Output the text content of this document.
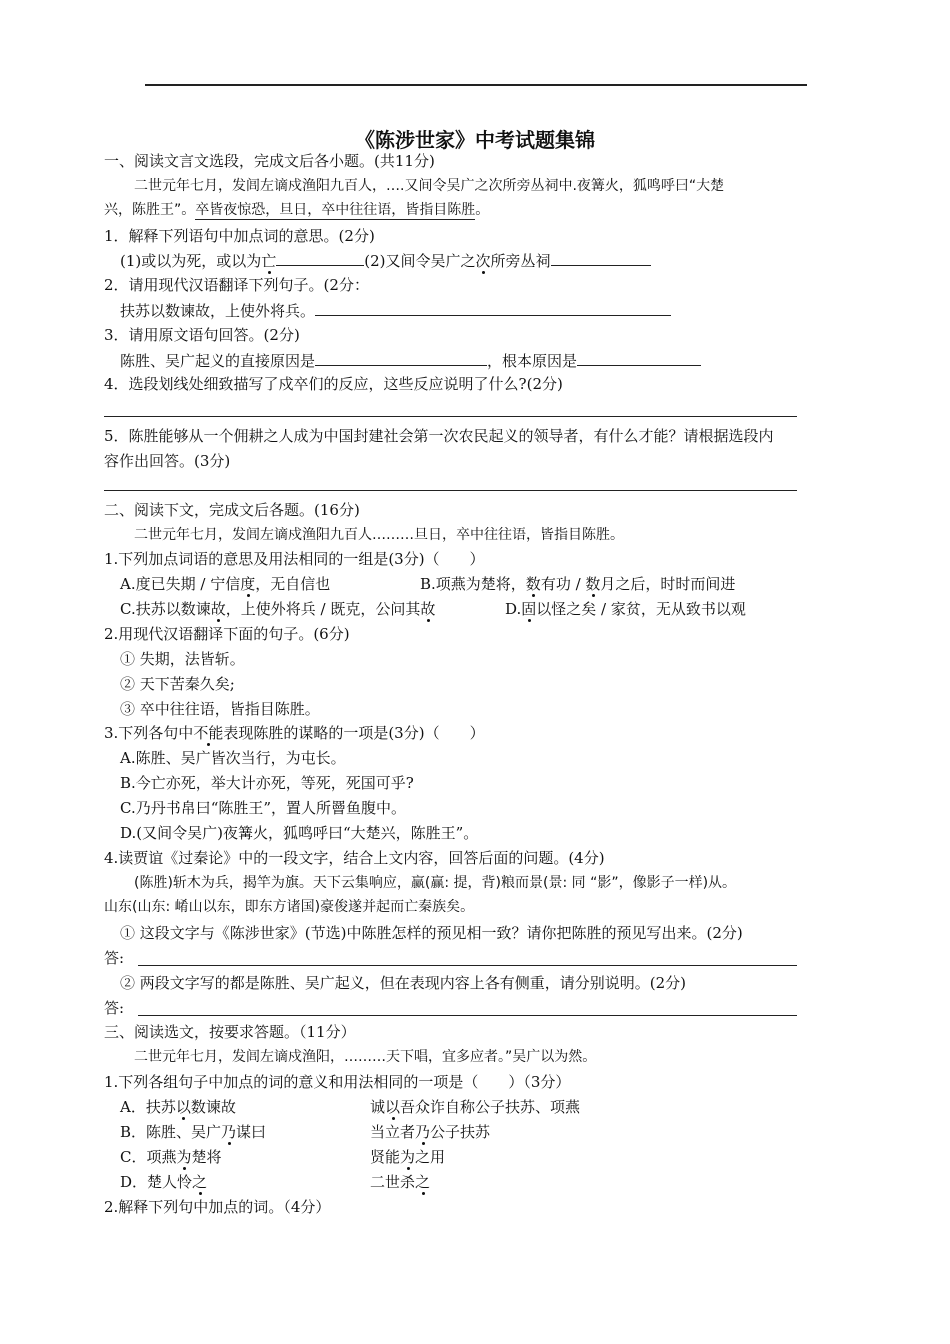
《陈涉世家》中考试题集锦
一、阅读文言文选段，完成文后各小题。(共11分)
二世元年七月，发闾左谪戍渔阳九百人，….又间令吴广之次所旁丛祠中.夜篝火，狐鸣呼曰“大楚
兴，陈胜王”。卒皆夜惊恐，旦日，卒中往往语，皆指目陈胜。
1．解释下列语句中加点词的意思。(2分)
(1)或以为死，或以为亡	(2)又间令吴广之次所旁丛祠
2．请用现代汉语翻译下列句子。(2分：
扶苏以数谏故，上使外将兵。
3．请用原文语句回答。(2分)
陈胜、吴广起义的直接原因是	，根本原因是
4．选段划线处细致描写了戍卒们的反应，这些反应说明了什么?(2分)
5．陈胜能够从一个佣耕之人成为中国封建社会第一次农民起义的领导者，有什么才能？请根据选段内
容作出回答。(3分)
二、阅读下文，完成文后各题。(16分)
二世元年七月，发闾左谪戍渔阳九百人………旦日，卒中往往语，皆指目陈胜。
1.下列加点词语的意思及用法相同的一组是(3分)（　　）
A.度已失期 / 宁信度，无自信也	B.项燕为楚将，数有功 / 数月之后，时时而间进
C.扶苏以数谏故，上使外将兵 / 既克，公问其故	D.固以怪之矣 / 家贫，无从致书以观
2.用现代汉语翻译下面的句子。(6分)
① 失期，法皆斩。
② 天下苦秦久矣;
③ 卒中往往语，皆指目陈胜。
3.下列各句中不能表现陈胜的谋略的一项是(3分)（　　）
A.陈胜、吴广皆次当行，为屯长。
B.今亡亦死，举大计亦死，等死，死国可乎?
C.乃丹书帛曰“陈胜王”，置人所罾鱼腹中。
D.(又间令吴广)夜篝火，狐鸣呼曰“大楚兴，陈胜王”。
4.读贾谊《过秦论》中的一段文字，结合上文内容，回答后面的问题。(4分)
(陈胜)斩木为兵，揭竿为旗。天下云集响应，赢(赢: 提，背)粮而景(景: 同 “影”，像影子一样)从。
山东(山东: 崤山以东，即东方诸国)豪俊遂并起而亡秦族矣。
① 这段文字与《陈涉世家》(节选)中陈胜怎样的预见相一致？请你把陈胜的预见写出来。(2分)
答:
② 两段文字写的都是陈胜、吴广起义，但在表现内容上各有侧重，请分别说明。(2分)
答:
三、阅读选文，按要求答题。（11分）
二世元年七月，发闾左谪戍渔阳，………天下唱，宜多应者。”吴广以为然。
1.下列各组句子中加点的词的意义和用法相同的一项是（　　）（3分）
A．扶苏以数谏故	诚以吾众诈自称公子扶苏、项燕
B．陈胜、吴广乃谋曰	当立者乃公子扶苏
C．项燕为楚将	贤能为之用
D．楚人怜之	二世杀之
2.解释下列句中加点的词。（4分）
